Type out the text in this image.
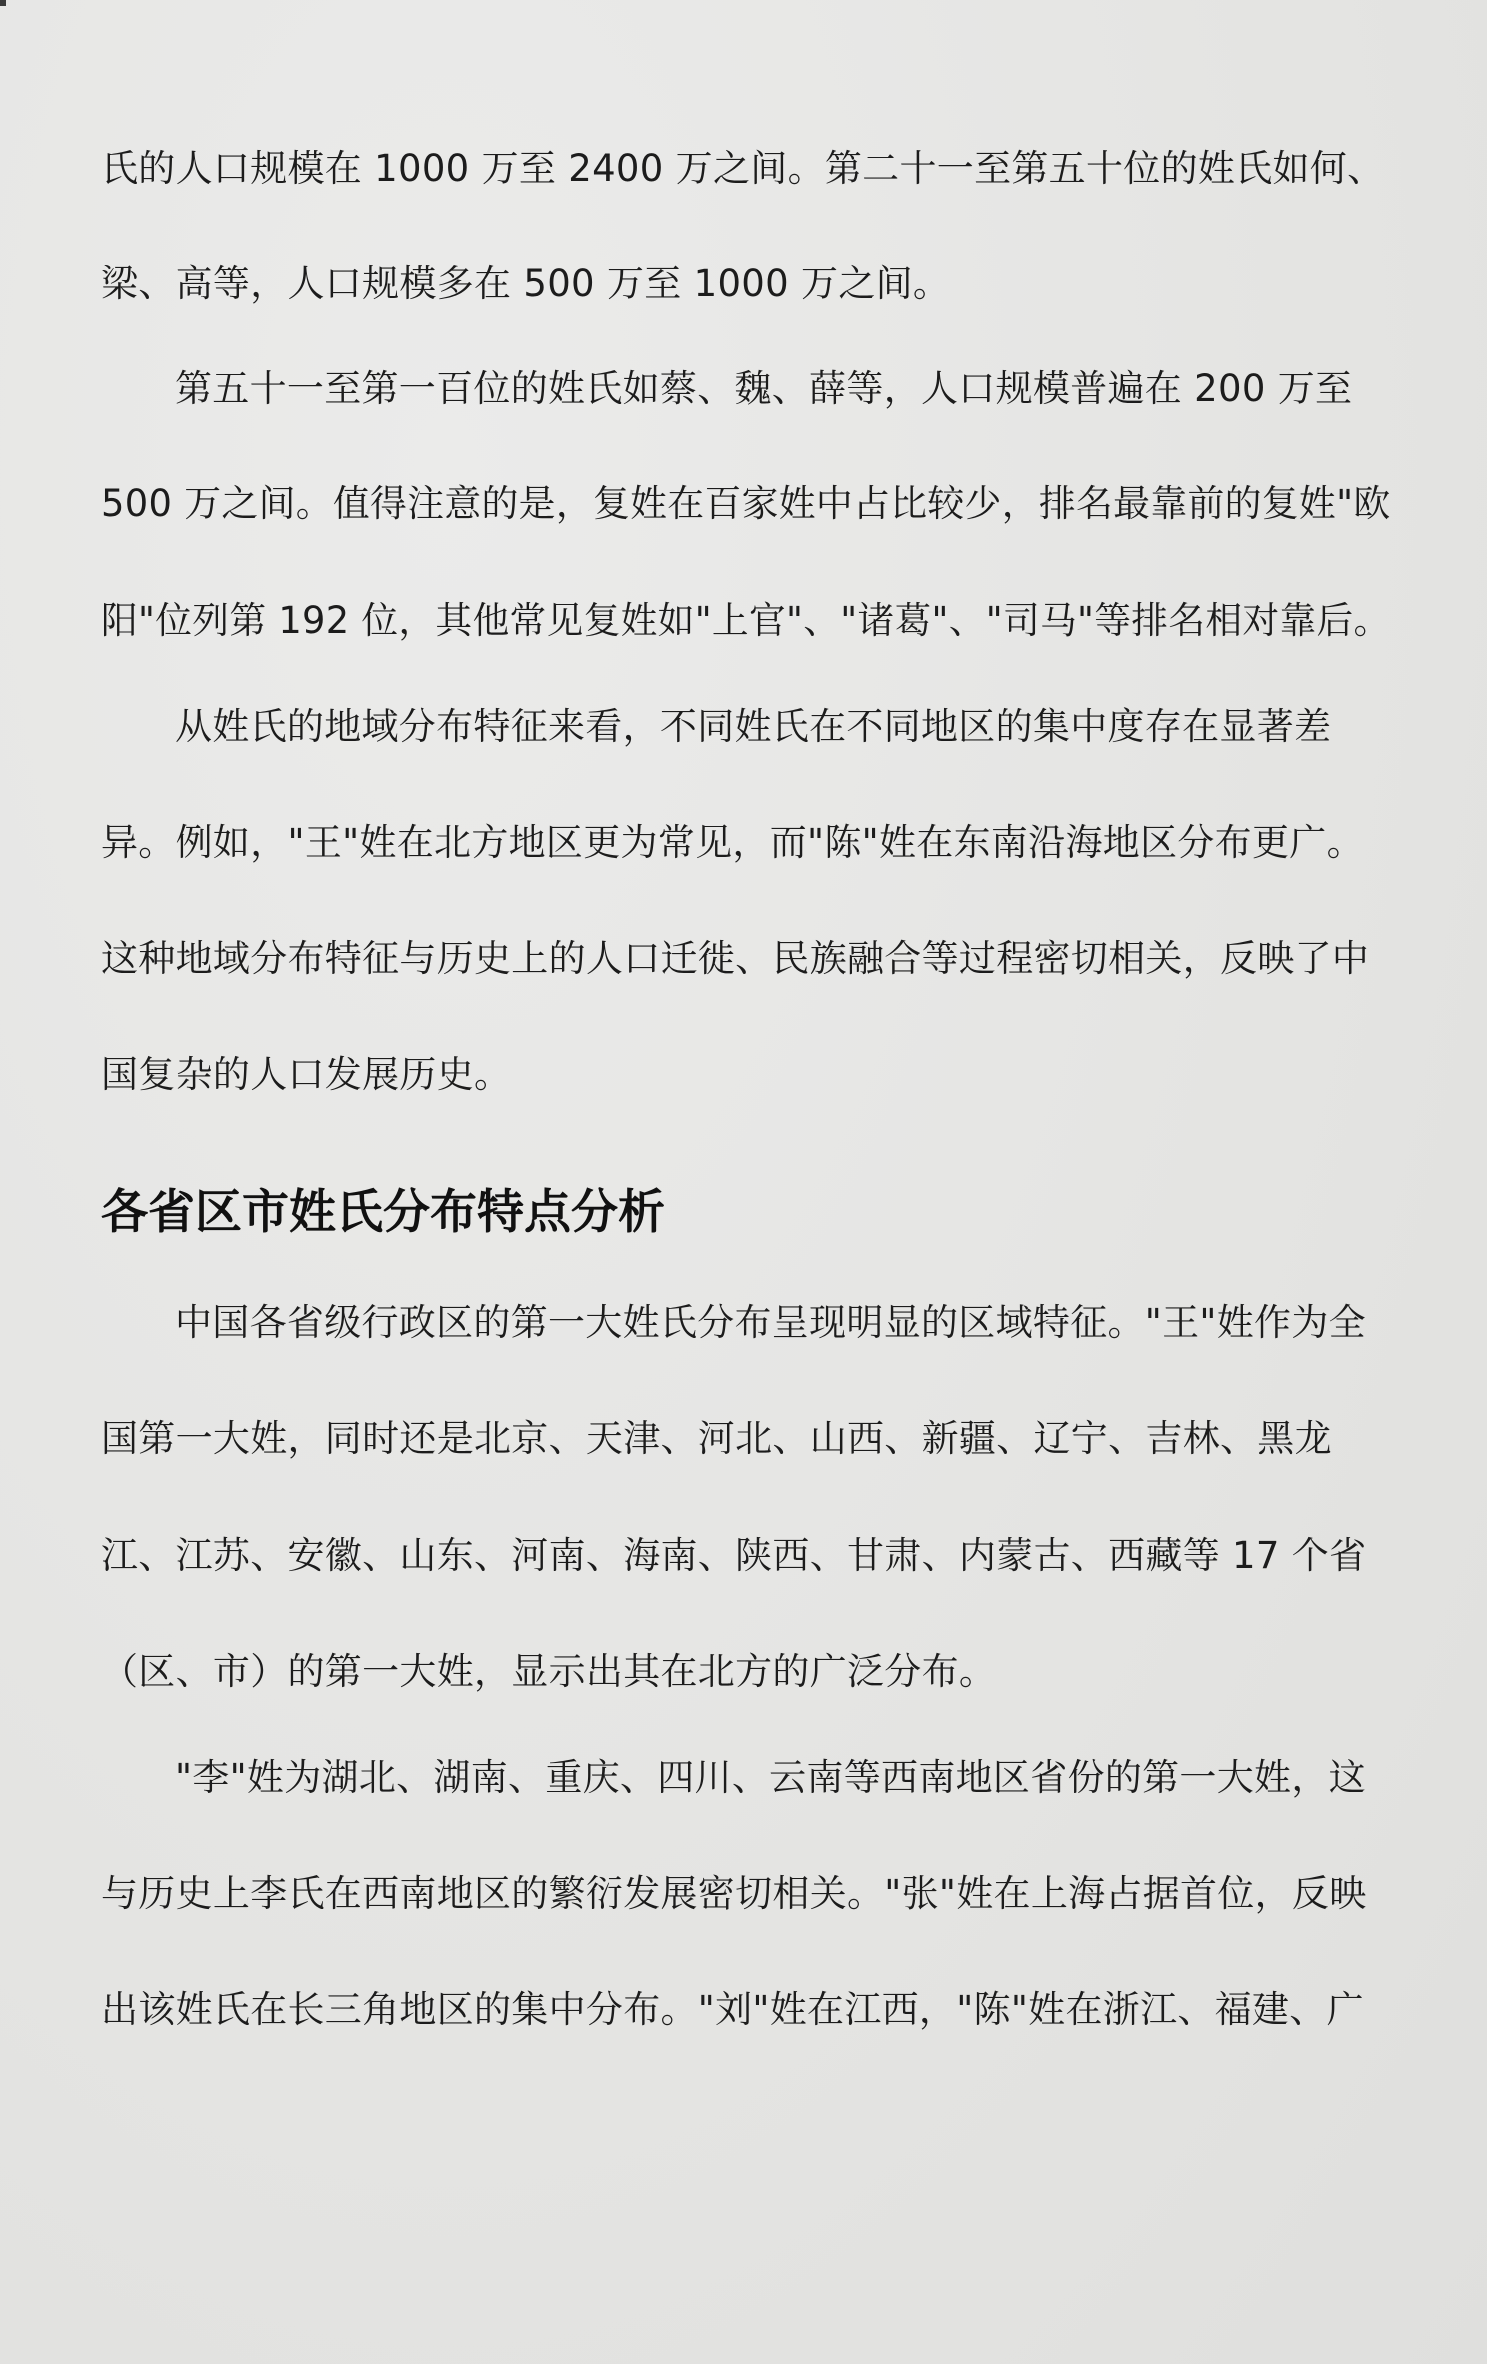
氏的人口规模在 1000 万至 2400 万之间。第二十一至第五十位的姓氏如何、
梁、高等，人口规模多在 500 万至 1000 万之间。
第五十一至第一百位的姓氏如蔡、魏、薛等，人口规模普遍在 200 万至
500 万之间。值得注意的是，复姓在百家姓中占比较少，排名最靠前的复姓"欧
阳"位列第 192 位，其他常见复姓如"上官"、"诸葛"、"司马"等排名相对靠后。
从姓氏的地域分布特征来看，不同姓氏在不同地区的集中度存在显著差
异。例如，"王"姓在北方地区更为常见，而"陈"姓在东南沿海地区分布更广。
这种地域分布特征与历史上的人口迁徙、民族融合等过程密切相关，反映了中
国复杂的人口发展历史。
各省区市姓氏分布特点分析
中国各省级行政区的第一大姓氏分布呈现明显的区域特征。"王"姓作为全
国第一大姓，同时还是北京、天津、河北、山西、新疆、辽宁、吉林、黑龙
江、江苏、安徽、山东、河南、海南、陕西、甘肃、内蒙古、西藏等 17 个省
（区、市）的第一大姓，显示出其在北方的广泛分布。
"李"姓为湖北、湖南、重庆、四川、云南等西南地区省份的第一大姓，这
与历史上李氏在西南地区的繁衍发展密切相关。"张"姓在上海占据首位，反映
出该姓氏在长三角地区的集中分布。"刘"姓在江西，"陈"姓在浙江、福建、广
